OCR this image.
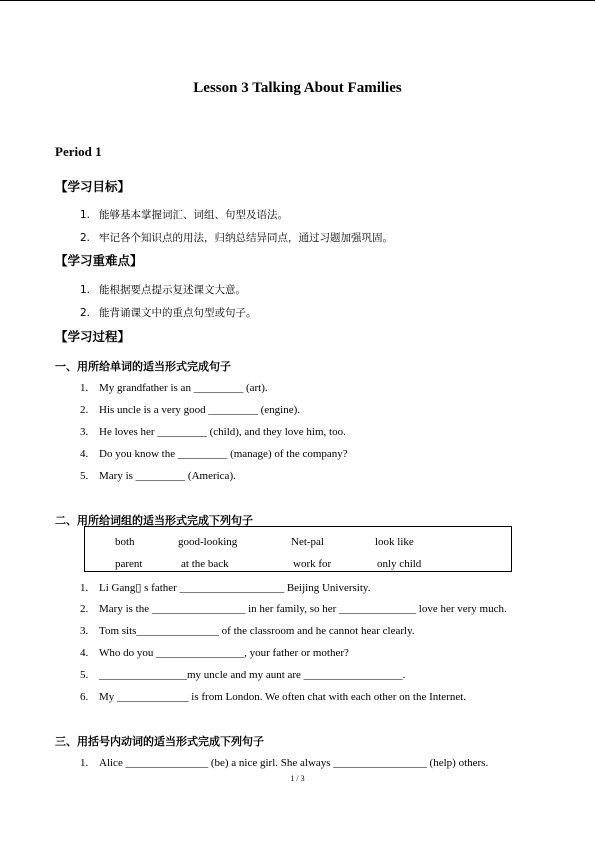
Lesson 3 Talking About Families
Period 1
【学习目标】
1. 能够基本掌握词汇、词组、句型及语法。
2. 牢记各个知识点的用法，归纳总结异同点，通过习题加强巩固。
【学习重难点】
1. 能根据要点提示复述课文大意。
2. 能背诵课文中的重点句型或句子。
【学习过程】
一、用所给单词的适当形式完成句子
1. My grandfather is an _________ (art).
2. His uncle is a very good _________ (engine).
3. He loves her _________ (child), and they love him, too.
4. Do you know the _________ (manage) of the company?
5. Mary is _________ (America).
二、用所给词组的适当形式完成下列句子
both	good-looking	Net-pal	look like
parent	at the back	work for	only child
1. Li Gang▯ s father ___________________ Beijing University.
2. Mary is the _________________ in her family, so her ______________ love her very much.
3. Tom sits_______________ of the classroom and he cannot hear clearly.
4. Who do you ________________, your father or mother?
5. ________________my uncle and my aunt are __________________.
6. My _____________ is from London. We often chat with each other on the Internet.
三、用括号内动词的适当形式完成下列句子
1. Alice _______________ (be) a nice girl. She always _________________ (help) others.
1 / 3
